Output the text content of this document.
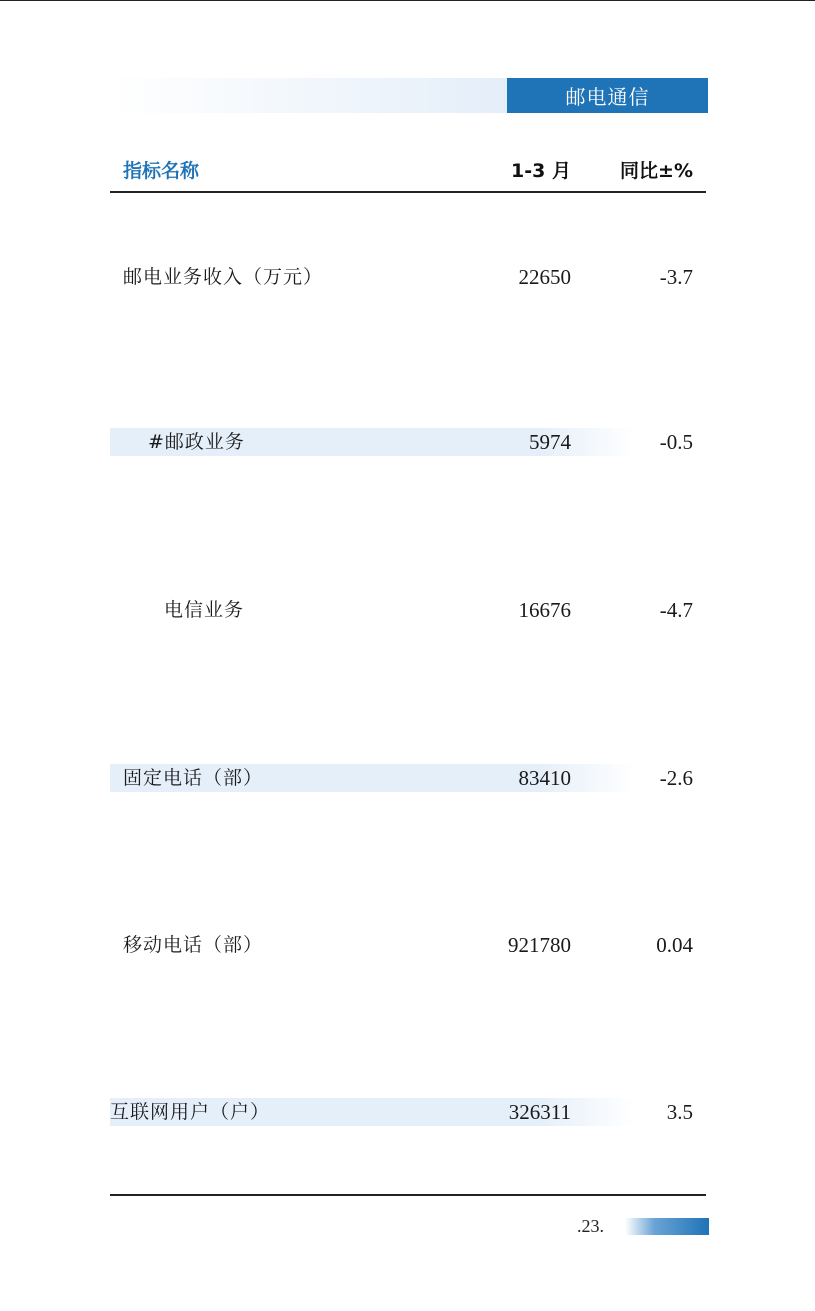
邮电通信
指标名称	1-3 月	同比±%
邮电业务收入（万元）	22650	-3.7
#邮政业务	5974	-0.5
电信业务	16676	-4.7
固定电话（部）	83410	-2.6
移动电话（部）	921780	0.04
互联网用户（户）	326311	3.5
.23.
